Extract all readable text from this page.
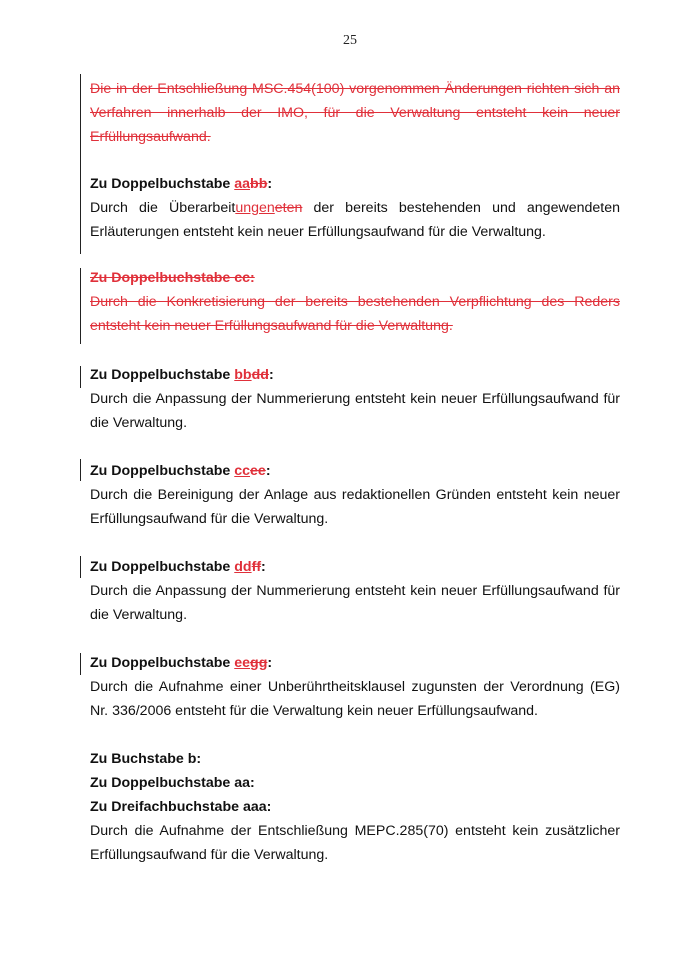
25

Die in der Entschließung MSC.454(100) vorgenommen Änderungen richten sich an Verfahren innerhalb der IMO, für die Verwaltung entsteht kein neuer Erfüllungsaufwand.

Zu Doppelbuchstabe aabb:

Durch die Überarbeitungeneten der bereits bestehenden und angewendeten Erläuterungen entsteht kein neuer Erfüllungsaufwand für die Verwaltung.

Zu Doppelbuchstabe cc:

Durch die Konkretisierung der bereits bestehenden Verpflichtung des Reders entsteht kein neuer Erfüllungsaufwand für die Verwaltung.

Zu Doppelbuchstabe bbdd:

Durch die Anpassung der Nummerierung entsteht kein neuer Erfüllungsaufwand für die Verwaltung.

Zu Doppelbuchstabe ccee:

Durch die Bereinigung der Anlage aus redaktionellen Gründen entsteht kein neuer Erfüllungsaufwand für die Verwaltung.

Zu Doppelbuchstabe ddff:

Durch die Anpassung der Nummerierung entsteht kein neuer Erfüllungsaufwand für die Verwaltung.

Zu Doppelbuchstabe eegg:

Durch die Aufnahme einer Unberührtheitsklausel zugunsten der Verordnung (EG) Nr. 336/2006 entsteht für die Verwaltung kein neuer Erfüllungsaufwand.

Zu Buchstabe b:

Zu Doppelbuchstabe aa:

Zu Dreifachbuchstabe aaa:

Durch die Aufnahme der Entschließung MEPC.285(70) entsteht kein zusätzlicher Erfüllungsaufwand für die Verwaltung.
